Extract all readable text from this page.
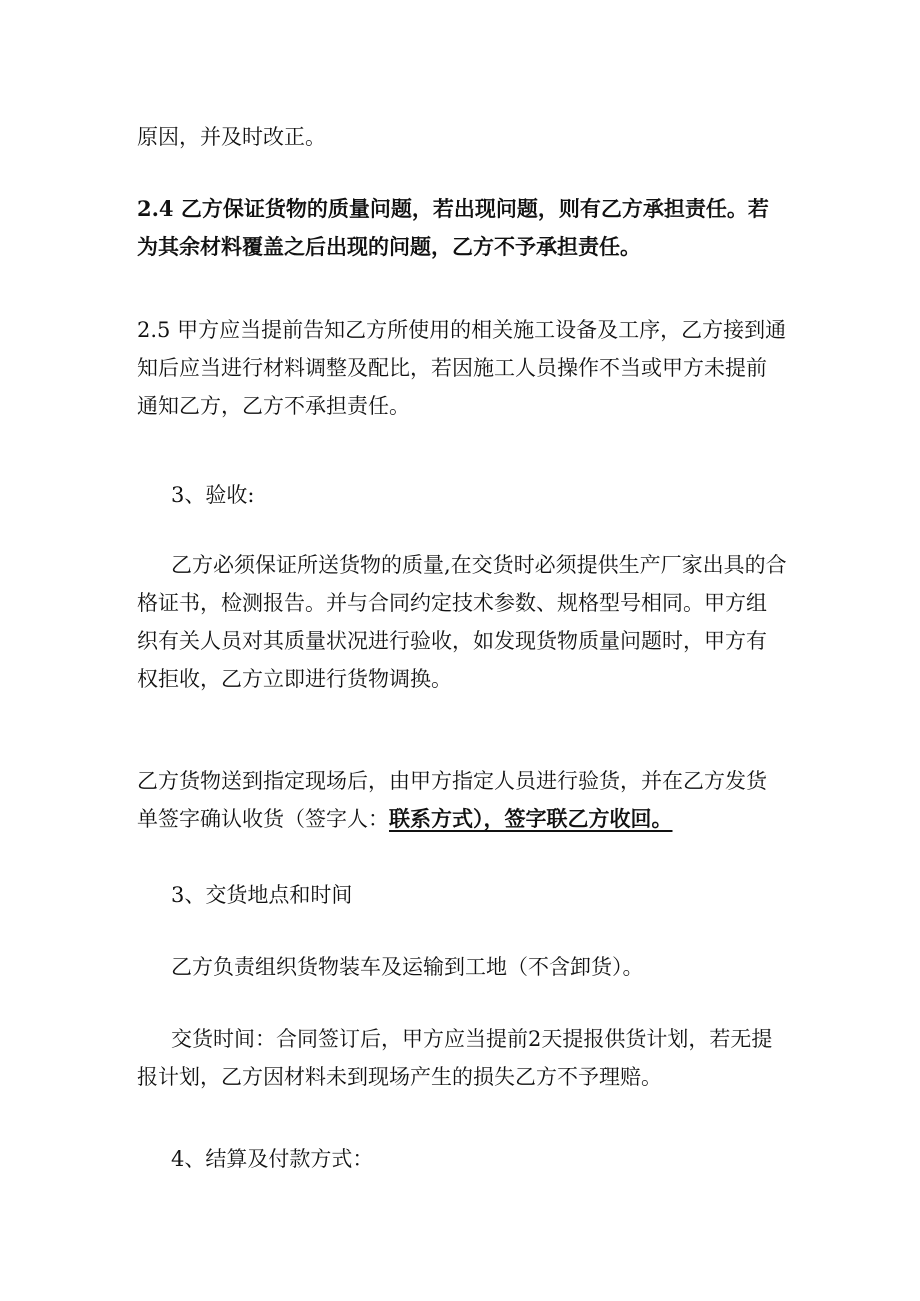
原因，并及时改正。

2.4 乙方保证货物的质量问题，若出现问题，则有乙方承担责任。若为其余材料覆盖之后出现的问题，乙方不予承担责任。

2.5 甲方应当提前告知乙方所使用的相关施工设备及工序，乙方接到通知后应当进行材料调整及配比，若因施工人员操作不当或甲方未提前通知乙方，乙方不承担责任。

3、验收:

乙方必须保证所送货物的质量,在交货时必须提供生产厂家出具的合格证书，检测报告。并与合同约定技术参数、规格型号相同。甲方组织有关人员对其质量状况进行验收，如发现货物质量问题时，甲方有权拒收，乙方立即进行货物调换。

乙方货物送到指定现场后，由甲方指定人员进行验货，并在乙方发货单签字确认收货（签字人：联系方式），签字联乙方收回。

3、交货地点和时间

乙方负责组织货物装车及运输到工地（不含卸货）。

交货时间：合同签订后，甲方应当提前2天提报供货计划，若无提报计划，乙方因材料未到现场产生的损失乙方不予理赔。

4、结算及付款方式：
